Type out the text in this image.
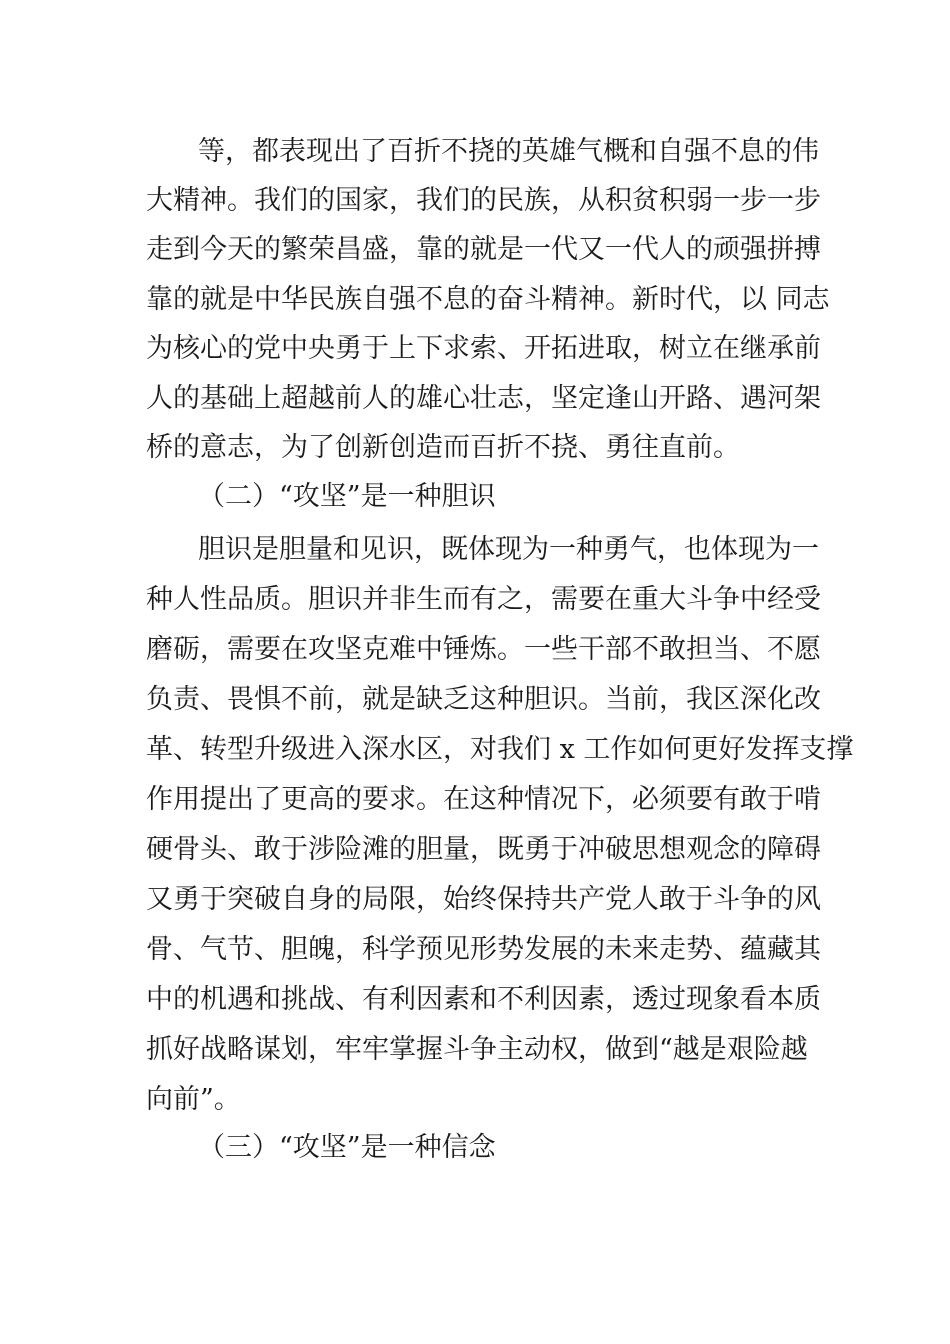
等，都表现出了百折不挠的英雄气概和自强不息的伟
大精神。我们的国家，我们的民族，从积贫积弱一步一步
走到今天的繁荣昌盛，靠的就是一代又一代人的顽强拼搏
靠的就是中华民族自强不息的奋斗精神。新时代，以 同志
为核心的党中央勇于上下求索、开拓进取，树立在继承前
人的基础上超越前人的雄心壮志，坚定逢山开路、遇河架
桥的意志，为了创新创造而百折不挠、勇往直前。
（二）“攻坚”是一种胆识
胆识是胆量和见识，既体现为一种勇气，也体现为一
种人性品质。胆识并非生而有之，需要在重大斗争中经受
磨砺，需要在攻坚克难中锤炼。一些干部不敢担当、不愿
负责、畏惧不前，就是缺乏这种胆识。当前，我区深化改
革、转型升级进入深水区，对我们 x 工作如何更好发挥支撑
作用提出了更高的要求。在这种情况下，必须要有敢于啃
硬骨头、敢于涉险滩的胆量，既勇于冲破思想观念的障碍
又勇于突破自身的局限，始终保持共产党人敢于斗争的风
骨、气节、胆魄，科学预见形势发展的未来走势、蕴藏其
中的机遇和挑战、有利因素和不利因素，透过现象看本质
抓好战略谋划，牢牢掌握斗争主动权，做到“越是艰险越
向前”。
（三）“攻坚”是一种信念
